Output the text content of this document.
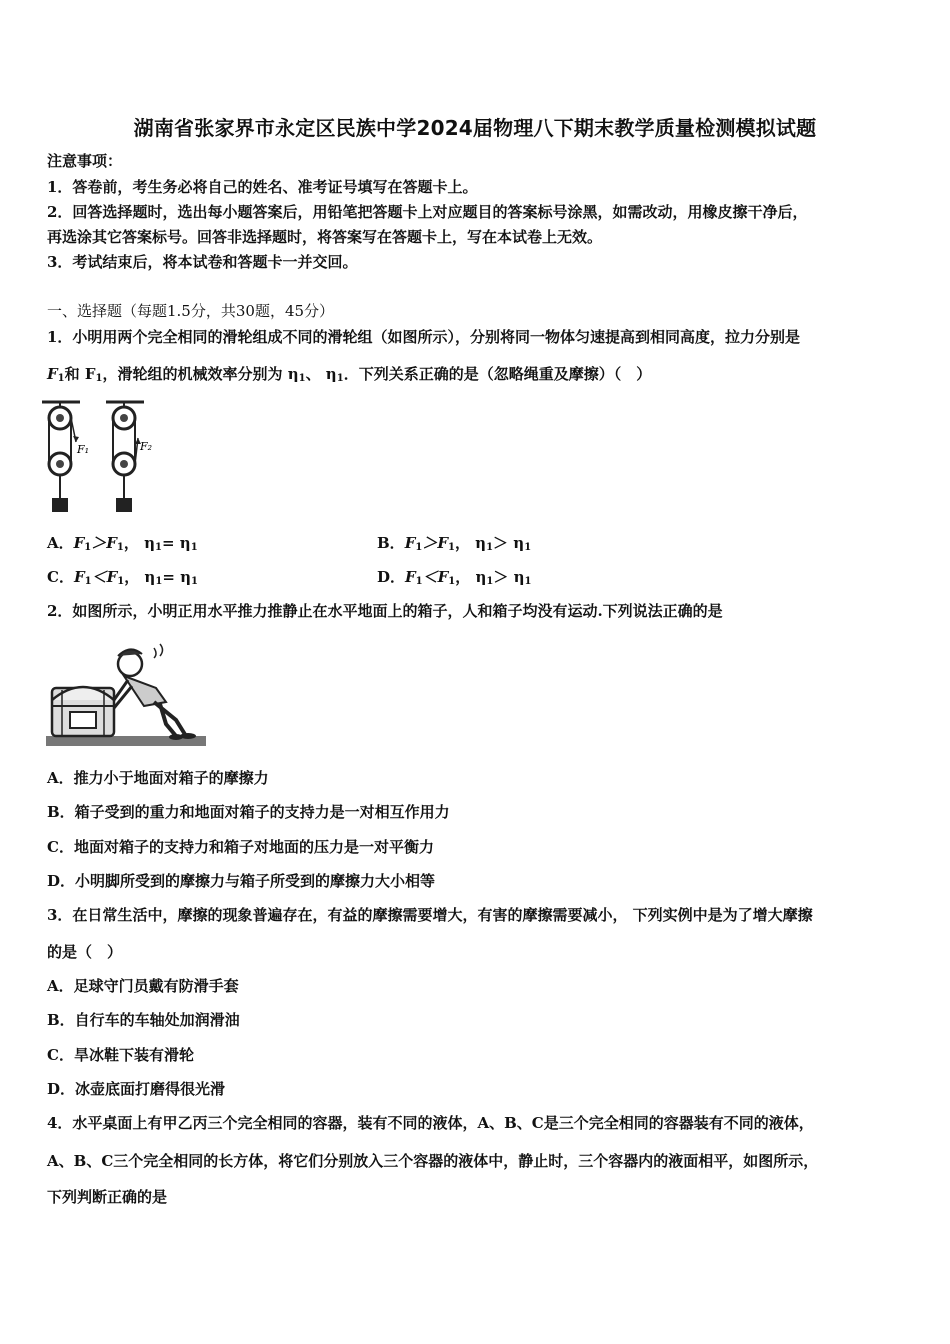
湖南省张家界市永定区民族中学2024届物理八下期末教学质量检测模拟试题
注意事项：
1．答卷前，考生务必将自己的姓名、准考证号填写在答题卡上。
2．回答选择题时，选出每小题答案后，用铅笔把答题卡上对应题目的答案标号涂黑，如需改动，用橡皮擦干净后，
再选涂其它答案标号。回答非选择题时，将答案写在答题卡上，写在本试卷上无效。
3．考试结束后，将本试卷和答题卡一并交回。
一、选择题（每题1.5分，共30题，45分）
1．小明用两个完全相同的滑轮组成不同的滑轮组（如图所示），分别将同一物体匀速提高到相同高度，拉力分别是
$F_1$和 $F_1$，滑轮组的机械效率分别为 $\eta_1$、 $\eta_1$．下列关系正确的是（忽略绳重及摩擦）（　）
F₁	F₂
A．$F_1>F_1$， $\eta_1= \eta_1$	B．$F_1>F_1$， $\eta_1> \eta_1$
C．$F_1<F_1$， $\eta_1= \eta_1$	D．$F_1<F_1$， $\eta_1> \eta_1$
2．如图所示，小明正用水平推力推静止在水平地面上的箱子，人和箱子均没有运动.下列说法正确的是
A．推力小于地面对箱子的摩擦力
B．箱子受到的重力和地面对箱子的支持力是一对相互作用力
C．地面对箱子的支持力和箱子对地面的压力是一对平衡力
D．小明脚所受到的摩擦力与箱子所受到的摩擦力大小相等
3．在日常生活中，摩擦的现象普遍存在，有益的摩擦需要增大，有害的摩擦需要减小， 下列实例中是为了增大摩擦
的是（　）
A．足球守门员戴有防滑手套
B．自行车的车轴处加润滑油
C．旱冰鞋下装有滑轮
D．冰壶底面打磨得很光滑
4．水平桌面上有甲乙丙三个完全相同的容器，装有不同的液体，A、B、C是三个完全相同的容器装有不同的液体，
A、B、C三个完全相同的长方体，将它们分别放入三个容器的液体中，静止时，三个容器内的液面相平，如图所示，
下列判断正确的是
